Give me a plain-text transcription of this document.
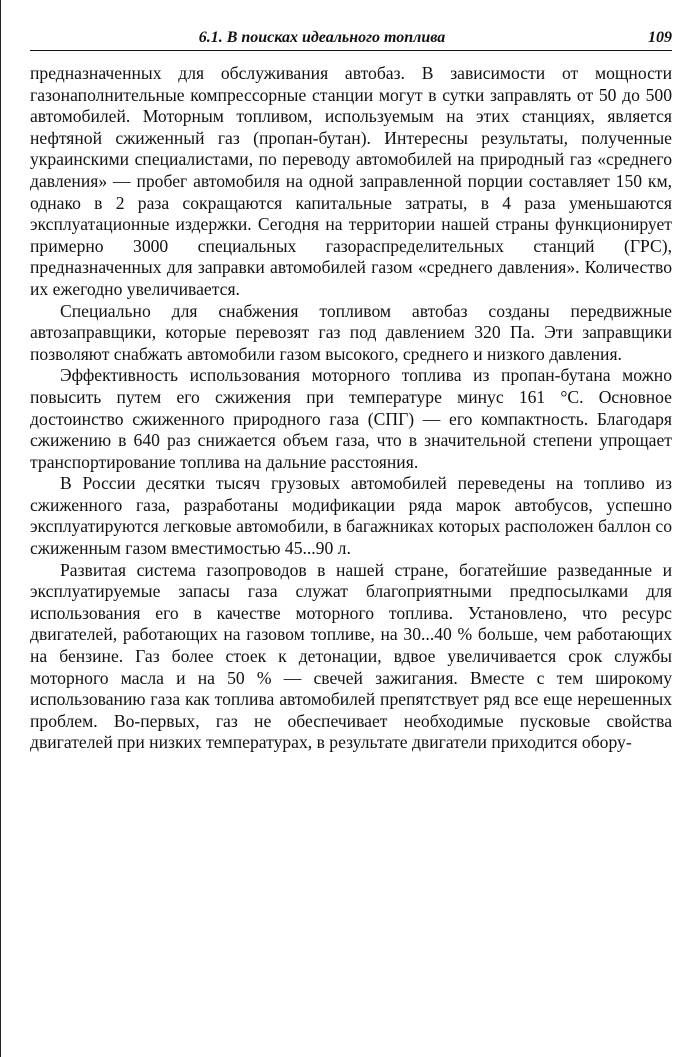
6.1. В поисках идеального топлива	109

предназначенных для обслуживания автобаз. В зависимости от мощности газонаполнительные компрессорные станции могут в сутки заправлять от 50 до 500 автомобилей. Моторным топливом, используемым на этих станциях, является нефтяной сжиженный газ (пропан-бутан). Интересны результаты, полученные украинскими специалистами, по переводу автомобилей на природный газ «среднего давления» — пробег автомобиля на одной заправленной порции составляет 150 км, однако в 2 раза сокращаются капитальные затраты, в 4 раза уменьшаются эксплуатационные издержки. Сегодня на территории нашей страны функционирует примерно 3000 специальных газораспределительных станций (ГРС), предназначенных для заправки автомобилей газом «среднего давления». Количество их ежегодно увеличивается.

Специально для снабжения топливом автобаз созданы передвижные автозаправщики, которые перевозят газ под давлением 320 Па. Эти заправщики позволяют снабжать автомобили газом высокого, среднего и низкого давления.

Эффективность использования моторного топлива из пропан-бутана можно повысить путем его сжижения при температуре минус 161 °C. Основное достоинство сжиженного природного газа (СПГ) — его компактность. Благодаря сжижению в 640 раз снижается объем газа, что в значительной степени упрощает транспортирование топлива на дальние расстояния.

В России десятки тысяч грузовых автомобилей переведены на топливо из сжиженного газа, разработаны модификации ряда марок автобусов, успешно эксплуатируются легковые автомобили, в багажниках которых расположен баллон со сжиженным газом вместимостью 45...90 л.

Развитая система газопроводов в нашей стране, богатейшие разведанные и эксплуатируемые запасы газа служат благоприятными предпосылками для использования его в качестве моторного топлива. Установлено, что ресурс двигателей, работающих на газовом топливе, на 30...40 % больше, чем работающих на бензине. Газ более стоек к детонации, вдвое увеличивается срок службы моторного масла и на 50 % — свечей зажигания. Вместе с тем широкому использованию газа как топлива автомобилей препятствует ряд все еще нерешенных проблем. Во-первых, газ не обеспечивает необходимые пусковые свойства двигателей при низких температурах, в результате двигатели приходится обору-
